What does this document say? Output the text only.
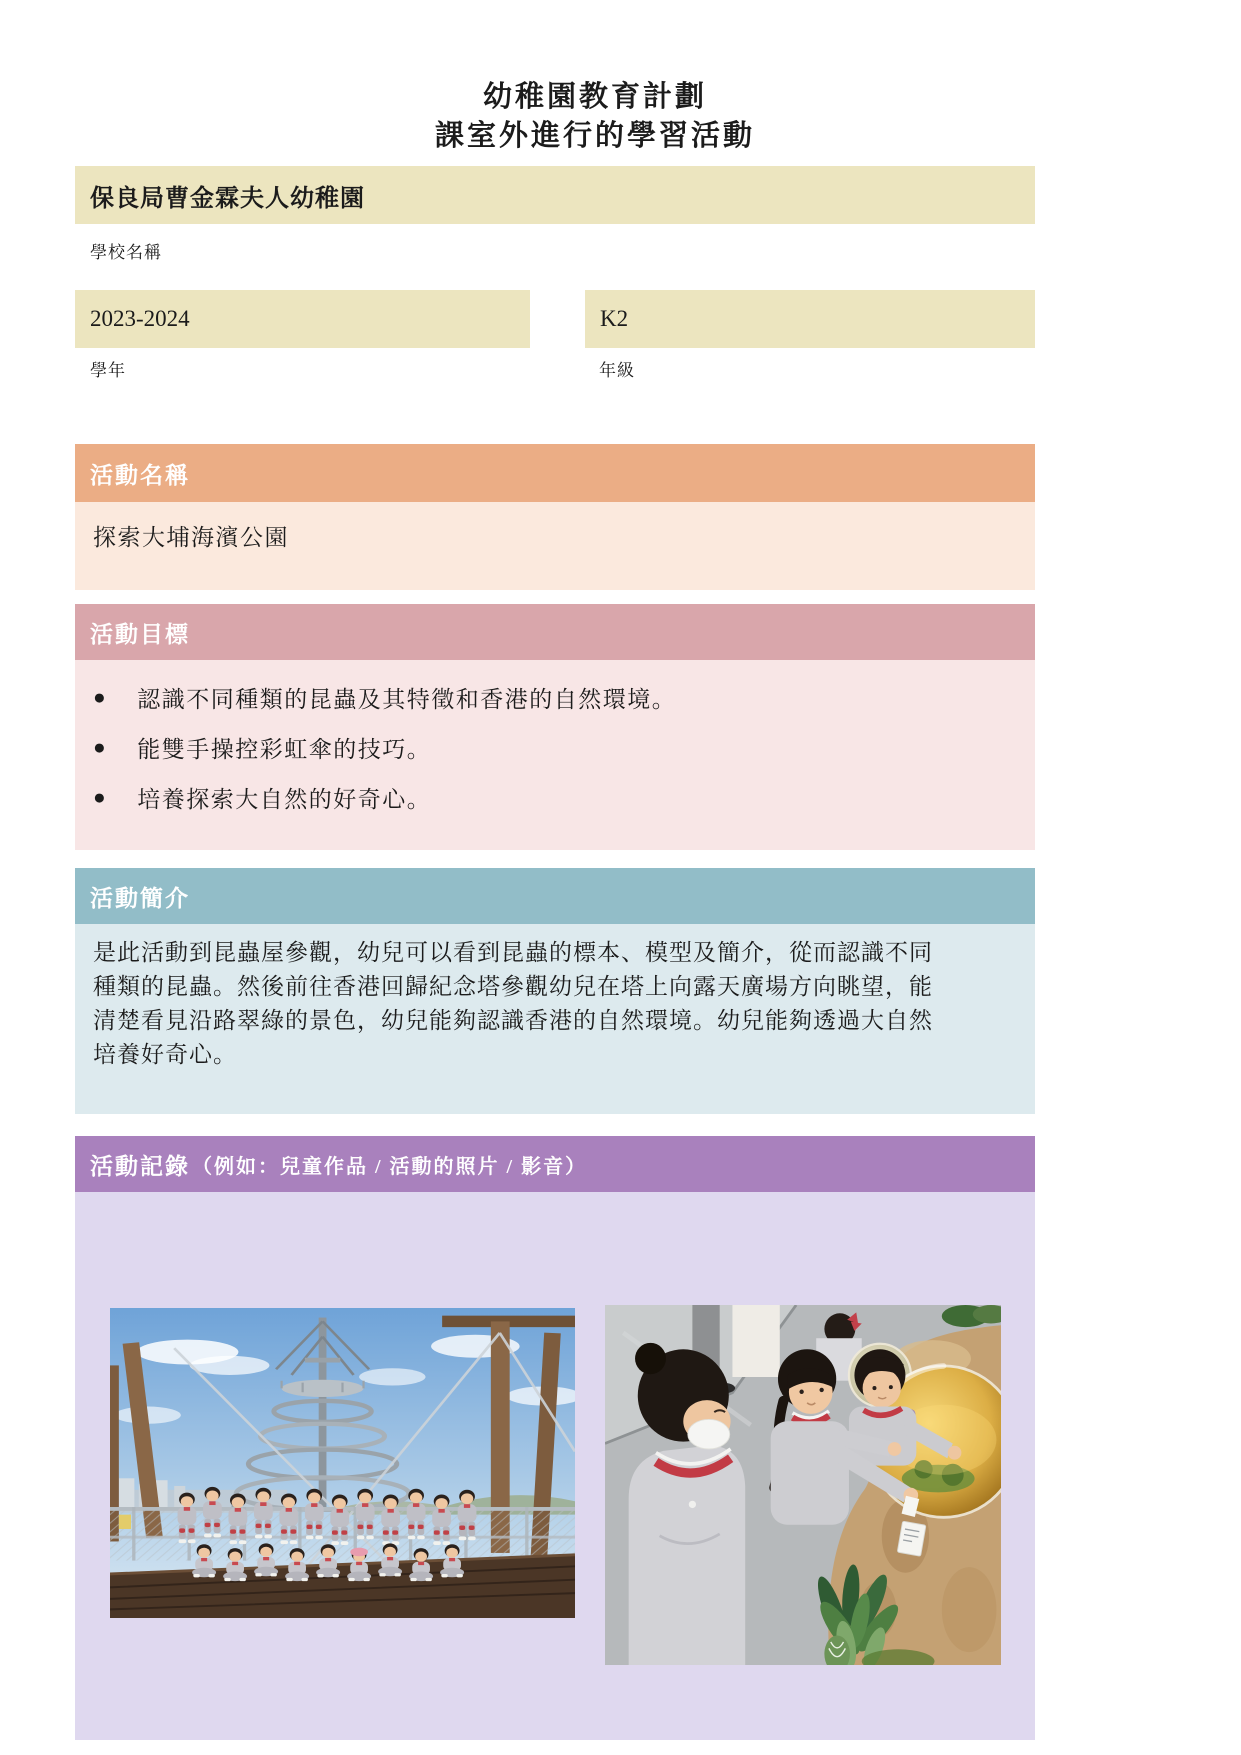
幼稚園教育計劃
課室外進行的學習活動
保良局曹金霖夫人幼稚園
學校名稱
2023-2024	K2
學年	年級
活動名稱
探索大埔海濱公園
活動目標
● 認識不同種類的昆蟲及其特徵和香港的自然環境。
● 能雙手操控彩虹傘的技巧。
● 培養探索大自然的好奇心。
活動簡介
是此活動到昆蟲屋參觀，幼兒可以看到昆蟲的標本、模型及簡介，從而認識不同
種類的昆蟲。然後前往香港回歸紀念塔參觀幼兒在塔上向露天廣場方向眺望，能
清楚看見沿路翠綠的景色，幼兒能夠認識香港的自然環境。幼兒能夠透過大自然
培養好奇心。
活動記錄 （例如：兒童作品 / 活動的照片 / 影音）
